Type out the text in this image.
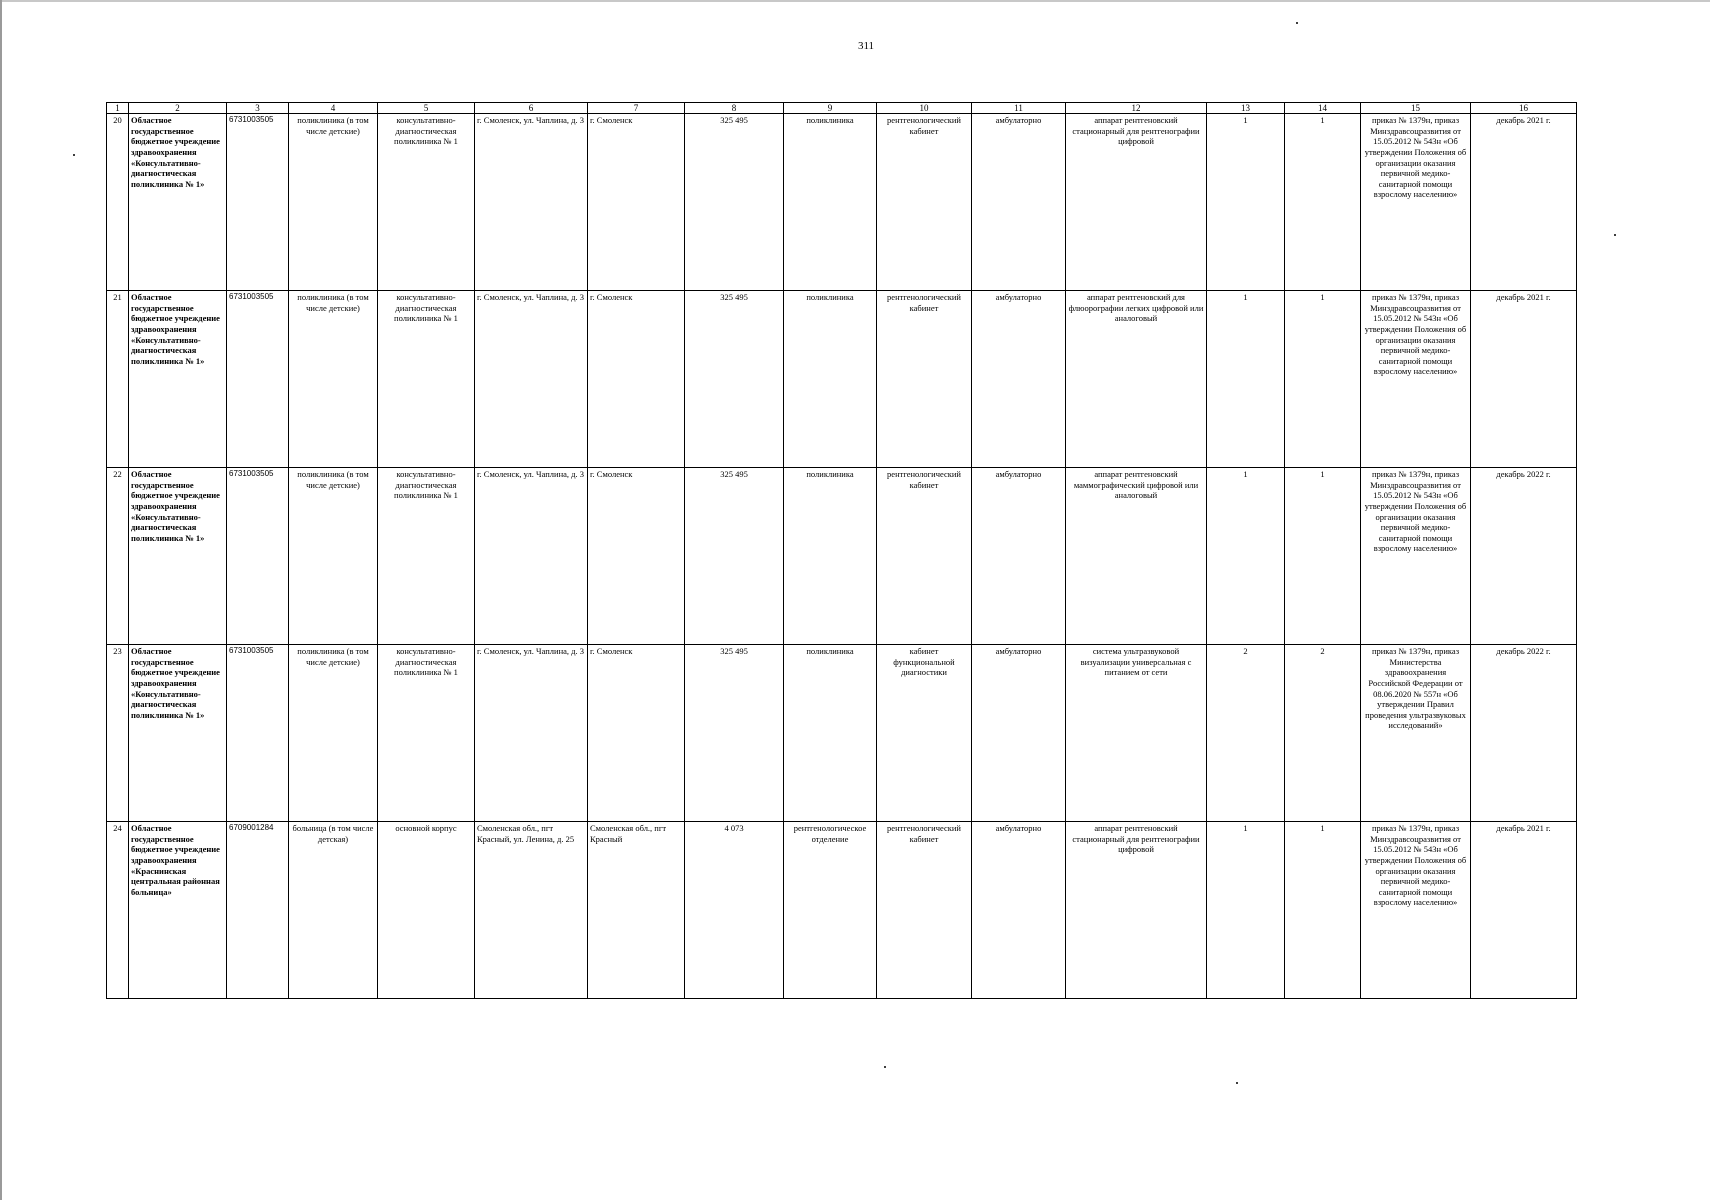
311
1	2	3	4	5	6	7	8	9	10	11	12	13	14	15	16
20	Областное государственное бюджетное учреждение здравоохранения «Консультативно-диагностическая поликлиника № 1»	6731003505	поликлиника (в том числе детские)	консультативно-диагностическая поликлиника № 1	г. Смоленск, ул. Чаплина, д. 3	г. Смоленск	325 495	поликлиника	рентгенологический кабинет	амбулаторно	аппарат рентгеновский стационарный для рентгенографии цифровой	1	1	приказ № 1379н, приказ Минздравсоцразвития от 15.05.2012 № 543н «Об утверждении Положения об организации оказания первичной медико-санитарной помощи взрослому населению»	декабрь 2021 г.
21	Областное государственное бюджетное учреждение здравоохранения «Консультативно-диагностическая поликлиника № 1»	6731003505	поликлиника (в том числе детские)	консультативно-диагностическая поликлиника № 1	г. Смоленск, ул. Чаплина, д. 3	г. Смоленск	325 495	поликлиника	рентгенологический кабинет	амбулаторно	аппарат рентгеновский для флюорографии легких цифровой или аналоговый	1	1	приказ № 1379н, приказ Минздравсоцразвития от 15.05.2012 № 543н «Об утверждении Положения об организации оказания первичной медико-санитарной помощи взрослому населению»	декабрь 2021 г.
22	Областное государственное бюджетное учреждение здравоохранения «Консультативно-диагностическая поликлиника № 1»	6731003505	поликлиника (в том числе детские)	консультативно-диагностическая поликлиника № 1	г. Смоленск, ул. Чаплина, д. 3	г. Смоленск	325 495	поликлиника	рентгенологический кабинет	амбулаторно	аппарат рентгеновский маммографический цифровой или аналоговый	1	1	приказ № 1379н, приказ Минздравсоцразвития от 15.05.2012 № 543н «Об утверждении Положения об организации оказания первичной медико-санитарной помощи взрослому населению»	декабрь 2022 г.
23	Областное государственное бюджетное учреждение здравоохранения «Консультативно-диагностическая поликлиника № 1»	6731003505	поликлиника (в том числе детские)	консультативно-диагностическая поликлиника № 1	г. Смоленск, ул. Чаплина, д. 3	г. Смоленск	325 495	поликлиника	кабинет функциональной диагностики	амбулаторно	система ультразвуковой визуализации универсальная с питанием от сети	2	2	приказ № 1379н, приказ Министерства здравоохранения Российской Федерации от 08.06.2020 № 557н «Об утверждении Правил проведения ультразвуковых исследований»	декабрь 2022 г.
24	Областное государственное бюджетное учреждение здравоохранения «Краснинская центральная районная больница»	6709001284	больница (в том числе детская)	основной корпус	Смоленская обл., пгт Красный, ул. Ленина, д. 25	Смоленская обл., пгт Красный	4 073	рентгенологическое отделение	рентгенологический кабинет	амбулаторно	аппарат рентгеновский стационарный для рентгенографии цифровой	1	1	приказ № 1379н, приказ Минздравсоцразвития от 15.05.2012 № 543н «Об утверждении Положения об организации оказания первичной медико-санитарной помощи взрослому населению»	декабрь 2021 г.
